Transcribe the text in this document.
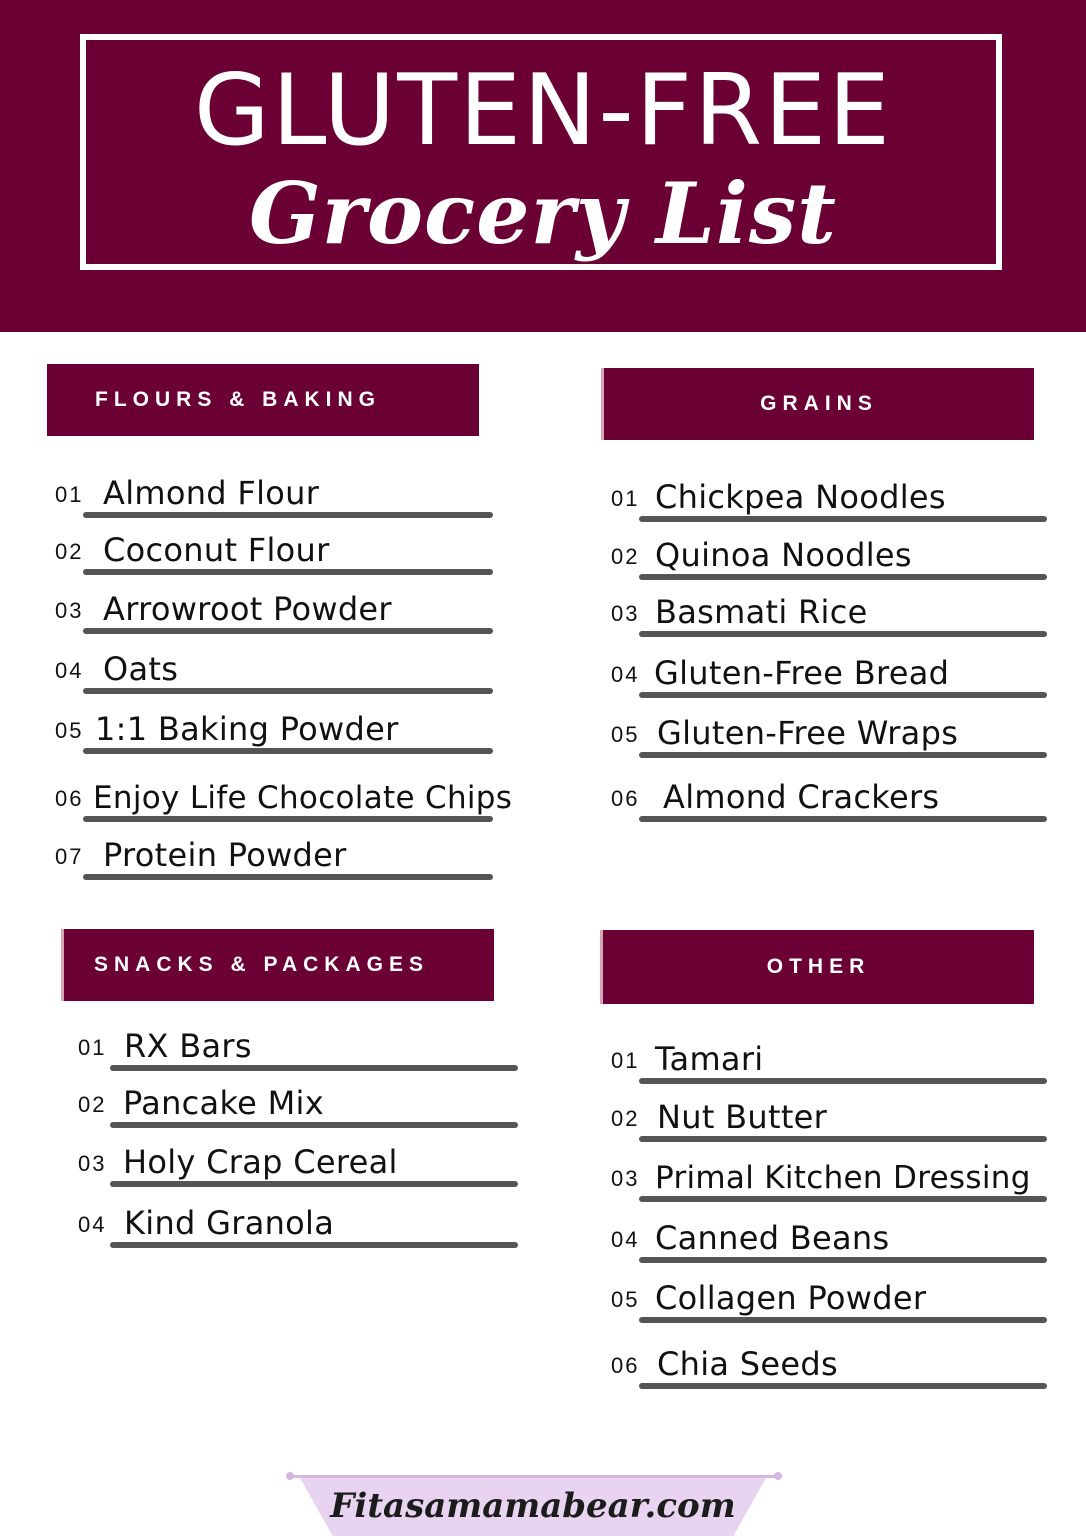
GLUTEN-FREE
Grocery List
FLOURS & BAKING	GRAINS
SNACKS & PACKAGES	OTHER
01 Almond Flour
02 Coconut Flour
03 Arrowroot Powder
04 Oats
05 1:1 Baking Powder
06 Enjoy Life Chocolate Chips
07 Protein Powder
01 Chickpea Noodles
02 Quinoa Noodles
03 Basmati Rice
04 Gluten-Free Bread
05 Gluten-Free Wraps
06 Almond Crackers
01 RX Bars
02 Pancake Mix
03 Holy Crap Cereal
04 Kind Granola
01 Tamari
02 Nut Butter
03 Primal Kitchen Dressing
04 Canned Beans
05 Collagen Powder
06 Chia Seeds
Fitasamamabear.com
